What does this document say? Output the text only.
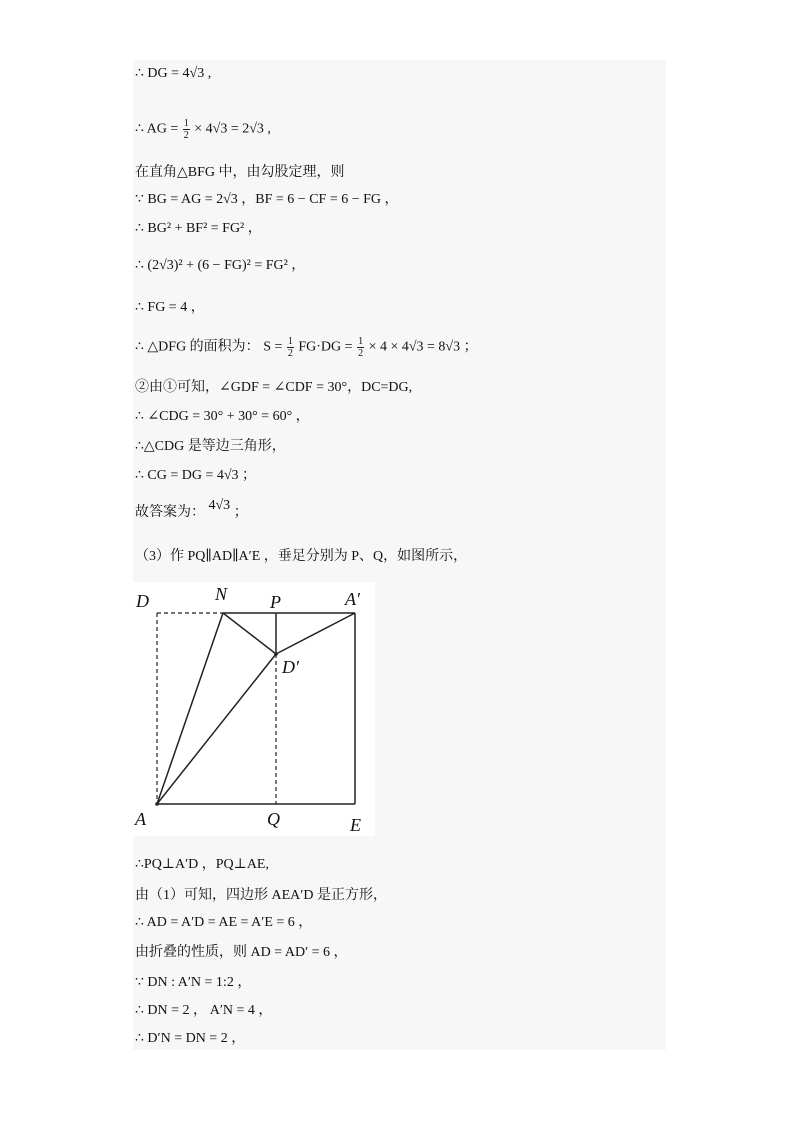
∴ DG = 4√3 ,
∴ AG = $\frac{1}{2} \times 4√3 = 2√3$ ,
在直角△BFG 中，由勾股定理，则
∵ BG = AG = 2√3 ，BF = 6 − CF = 6 − FG ，
∴ BG² + BF² = FG² ，
∴ (2√3)² + (6 − FG)² = FG² ，
∴ FG = 4 ，
∴ △DFG 的面积为： $S = \frac{1}{2} FG\cdot DG = \frac{1}{2} \times 4 \times 4√3 = 8√3$ ；
②由①可知，∠GDF = ∠CDF = 30°，DC=DG,
∴ ∠CDG = 30° + 30° = 60° ，
∴△CDG 是等边三角形，
∴ CG = DG = 4√3 ；
故答案为： 4√3 ；
（3）作 PQ∥AD∥A′E ，垂足分别为 P、Q，如图所示，
D	N P	A′
D′
A	Q	E
∴PQ⊥A′D ，PQ⊥AE,
由（1）可知，四边形 AEA′D 是正方形，
∴ AD = A′D = AE = A′E = 6 ，
由折叠的性质，则 AD = AD′ = 6 ，
∵ DN : A′N = 1:2 ，
∴ DN = 2 ， A′N = 4 ，
∴ D′N = DN = 2 ，
